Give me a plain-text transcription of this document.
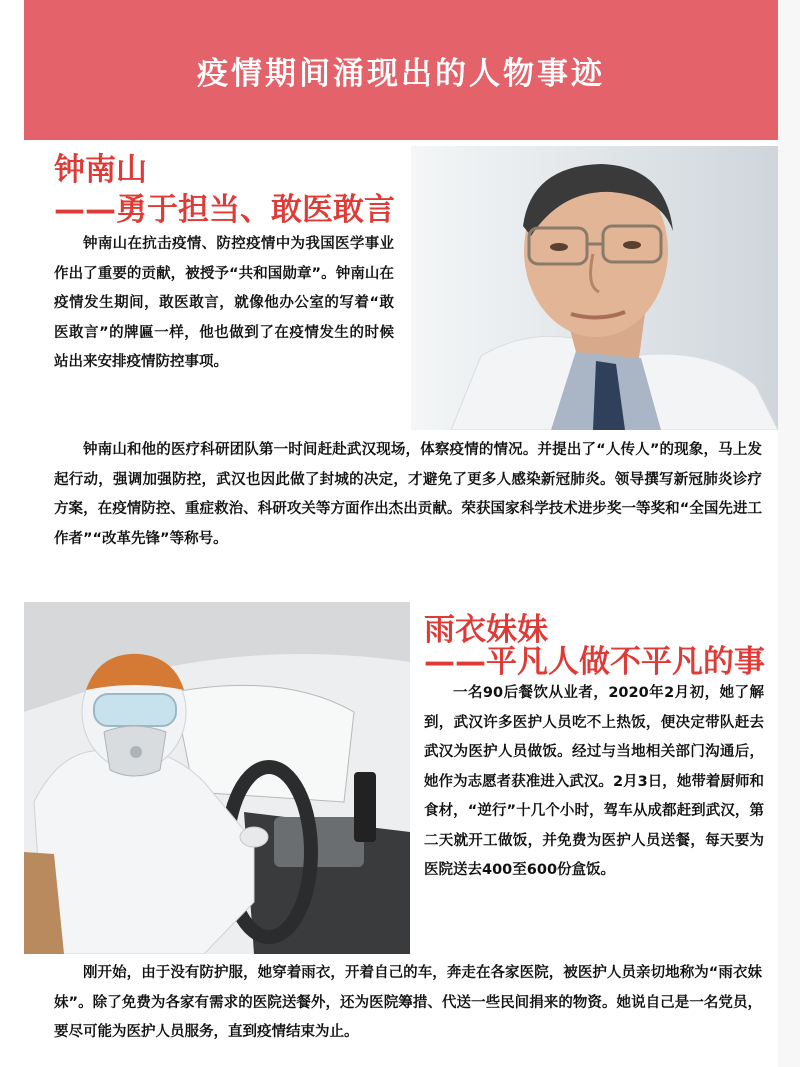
疫情期间涌现出的人物事迹
钟南山
——勇于担当、敢医敢言

钟南山在抗击疫情、防控疫情中为我国医学事业作出了重要的贡献，被授予“共和国勋章”。钟南山在疫情发生期间，敢医敢言，就像他办公室的写着“敢医敢言”的牌匾一样，他也做到了在疫情发生的时候站出来安排疫情防控事项。

钟南山和他的医疗科研团队第一时间赶赴武汉现场，体察疫情的情况。并提出了“人传人”的现象，马上发起行动，强调加强防控，武汉也因此做了封城的决定，才避免了更多人感染新冠肺炎。领导撰写新冠肺炎诊疗方案，在疫情防控、重症救治、科研攻关等方面作出杰出贡献。荣获国家科学技术进步奖一等奖和“全国先进工作者”“改革先锋”等称号。

雨衣妹妹
——平凡人做不平凡的事

一名90后餐饮从业者，2020年2月初，她了解到，武汉许多医护人员吃不上热饭，便决定带队赶去武汉为医护人员做饭。经过与当地相关部门沟通后，她作为志愿者获准进入武汉。2月3日，她带着厨师和食材，“逆行”十几个小时，驾车从成都赶到武汉，第二天就开工做饭，并免费为医护人员送餐，每天要为医院送去400至600份盒饭。

刚开始，由于没有防护服，她穿着雨衣，开着自己的车，奔走在各家医院，被医护人员亲切地称为“雨衣妹妹”。除了免费为各家有需求的医院送餐外，还为医院筹措、代送一些民间捐来的物资。她说自己是一名党员，要尽可能为医护人员服务，直到疫情结束为止。
